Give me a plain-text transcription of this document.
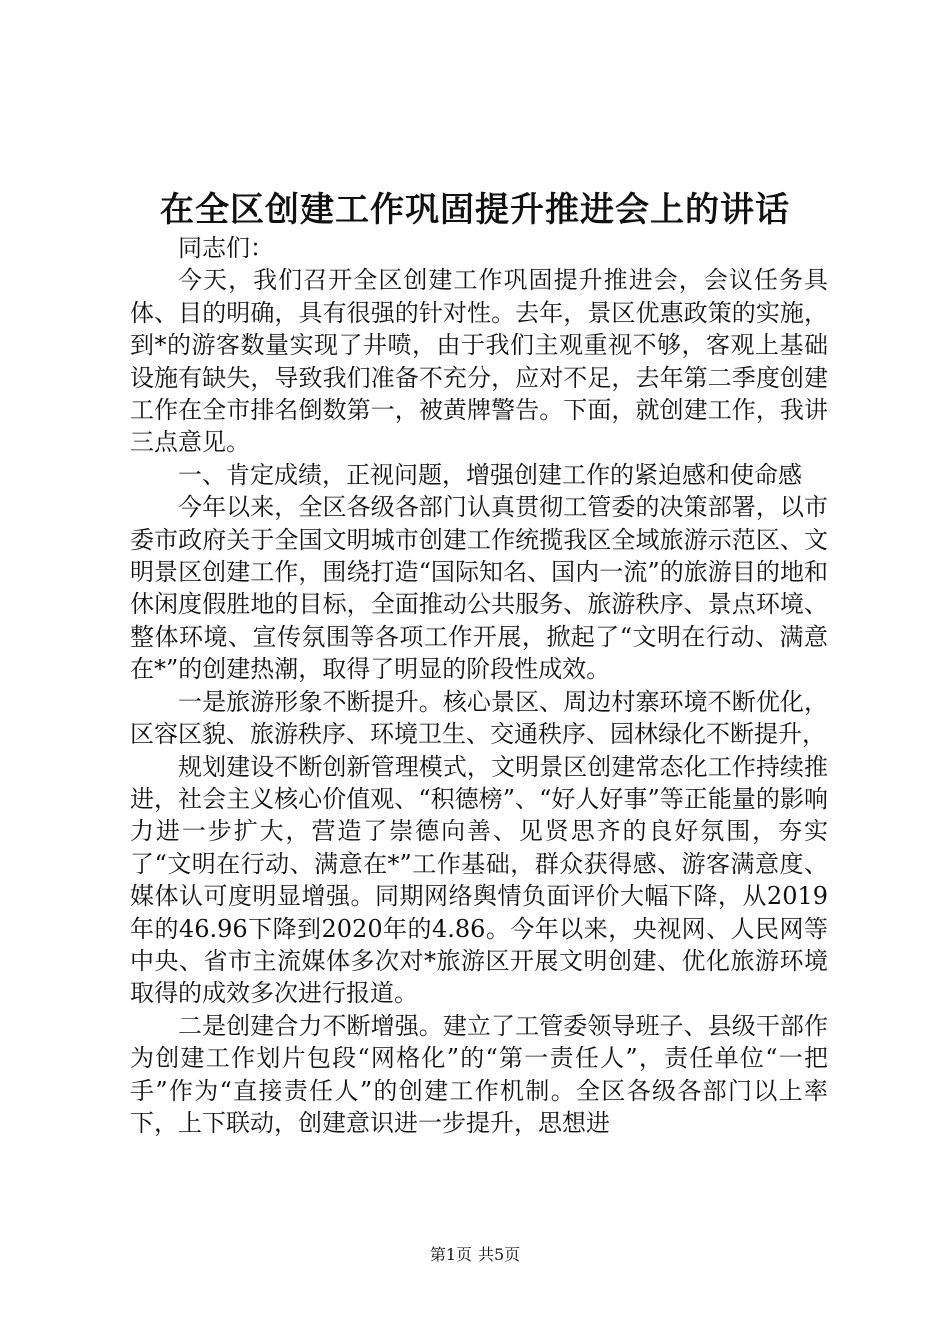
在全区创建工作巩固提升推进会上的讲话

同志们：

今天，我们召开全区创建工作巩固提升推进会，会议任务具体、目的明确，具有很强的针对性。去年，景区优惠政策的实施，到*的游客数量实现了井喷，由于我们主观重视不够，客观上基础设施有缺失，导致我们准备不充分，应对不足，去年第二季度创建工作在全市排名倒数第一，被黄牌警告。下面，就创建工作，我讲三点意见。

一、肯定成绩，正视问题，增强创建工作的紧迫感和使命感

今年以来，全区各级各部门认真贯彻工管委的决策部署，以市委市政府关于全国文明城市创建工作统揽我区全域旅游示范区、文明景区创建工作，围绕打造“国际知名、国内一流”的旅游目的地和休闲度假胜地的目标，全面推动公共服务、旅游秩序、景点环境、整体环境、宣传氛围等各项工作开展，掀起了“文明在行动、满意在*”的创建热潮，取得了明显的阶段性成效。

一是旅游形象不断提升。核心景区、周边村寨环境不断优化，区容区貌、旅游秩序、环境卫生、交通秩序、园林绿化不断提升，

规划建设不断创新管理模式，文明景区创建常态化工作持续推进，社会主义核心价值观、“积德榜”、“好人好事”等正能量的影响力进一步扩大，营造了崇德向善、见贤思齐的良好氛围，夯实了“文明在行动、满意在*”工作基础，群众获得感、游客满意度、媒体认可度明显增强。同期网络舆情负面评价大幅下降，从2019年的46.96下降到2020年的4.86。今年以来，央视网、人民网等中央、省市主流媒体多次对*旅游区开展文明创建、优化旅游环境取得的成效多次进行报道。

二是创建合力不断增强。建立了工管委领导班子、县级干部作为创建工作划片包段“网格化”的“第一责任人”，责任单位“一把手”作为“直接责任人”的创建工作机制。全区各级各部门以上率下，上下联动，创建意识进一步提升，思想进

第1页 共5页
